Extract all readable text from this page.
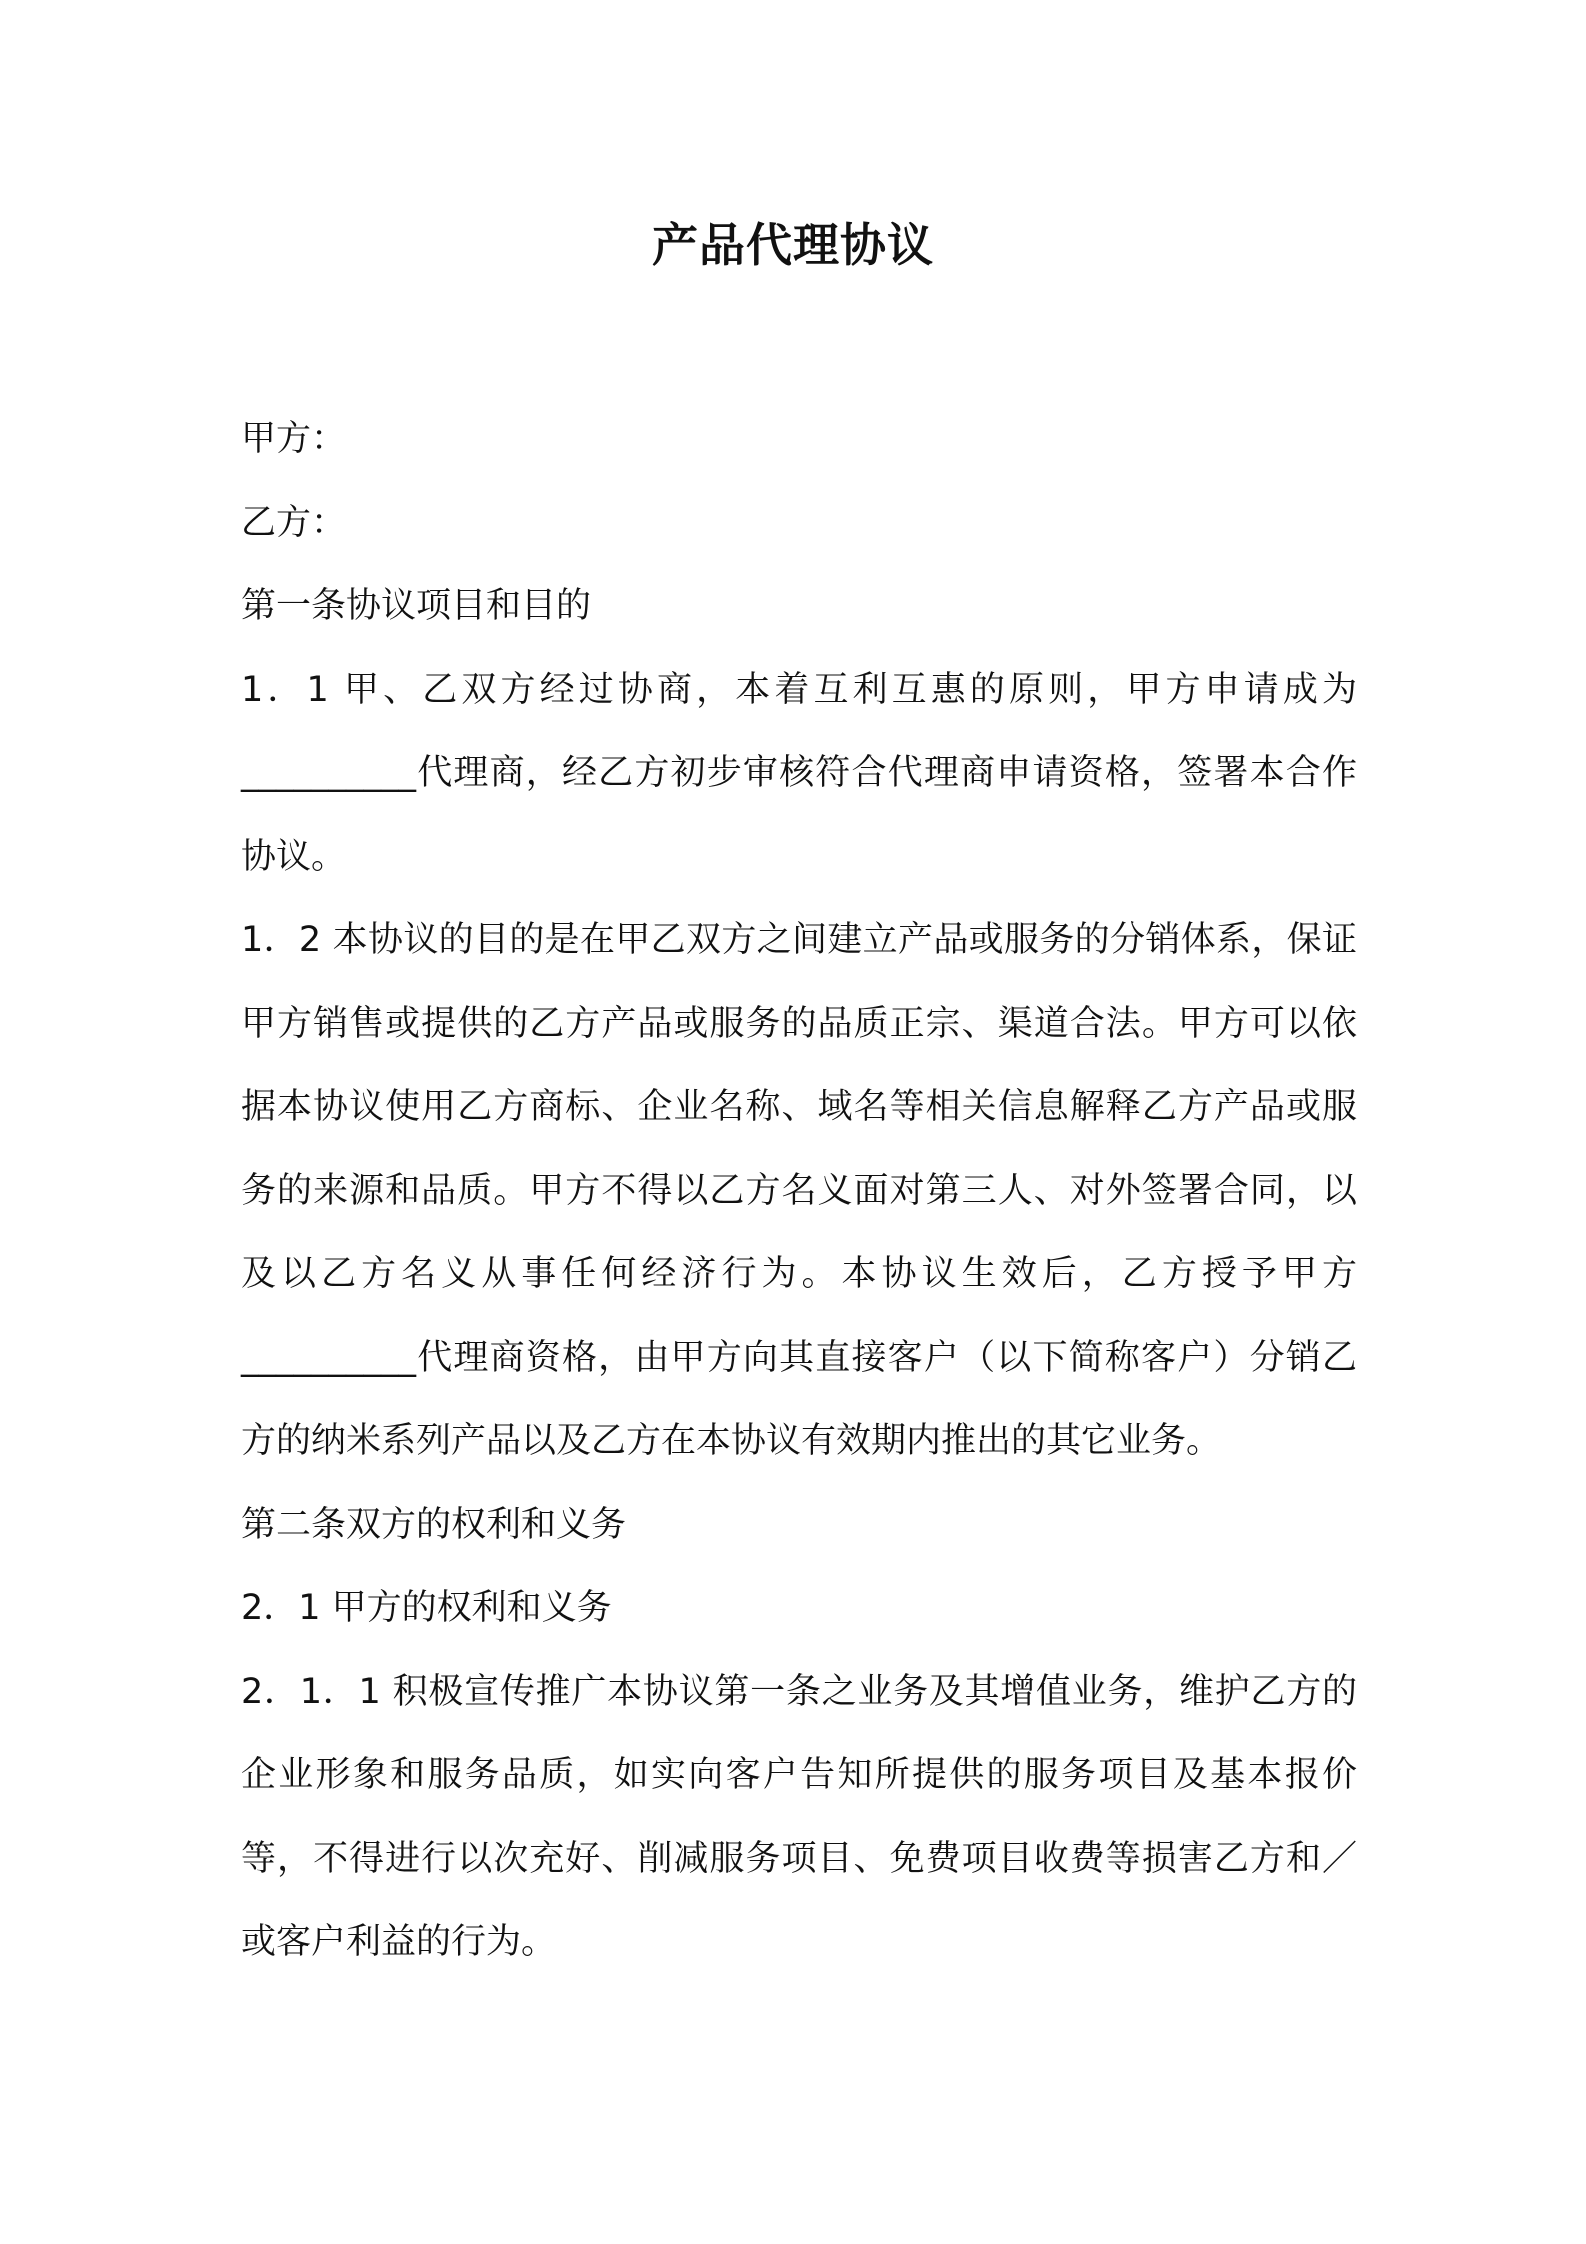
产品代理协议

甲方：

乙方：

第一条协议项目和目的

1．1 甲、乙双方经过协商，本着互利互惠的原则，甲方申请成为__________代理商，经乙方初步审核符合代理商申请资格，签署本合作协议。

1．2 本协议的目的是在甲乙双方之间建立产品或服务的分销体系，保证甲方销售或提供的乙方产品或服务的品质正宗、渠道合法。甲方可以依据本协议使用乙方商标、企业名称、域名等相关信息解释乙方产品或服务的来源和品质。甲方不得以乙方名义面对第三人、对外签署合同，以及以乙方名义从事任何经济行为。本协议生效后，乙方授予甲方__________代理商资格，由甲方向其直接客户（以下简称客户）分销乙方的纳米系列产品以及乙方在本协议有效期内推出的其它业务。

第二条双方的权利和义务

2．1 甲方的权利和义务

2．1．1 积极宣传推广本协议第一条之业务及其增值业务，维护乙方的企业形象和服务品质，如实向客户告知所提供的服务项目及基本报价等，不得进行以次充好、削减服务项目、免费项目收费等损害乙方和／或客户利益的行为。
